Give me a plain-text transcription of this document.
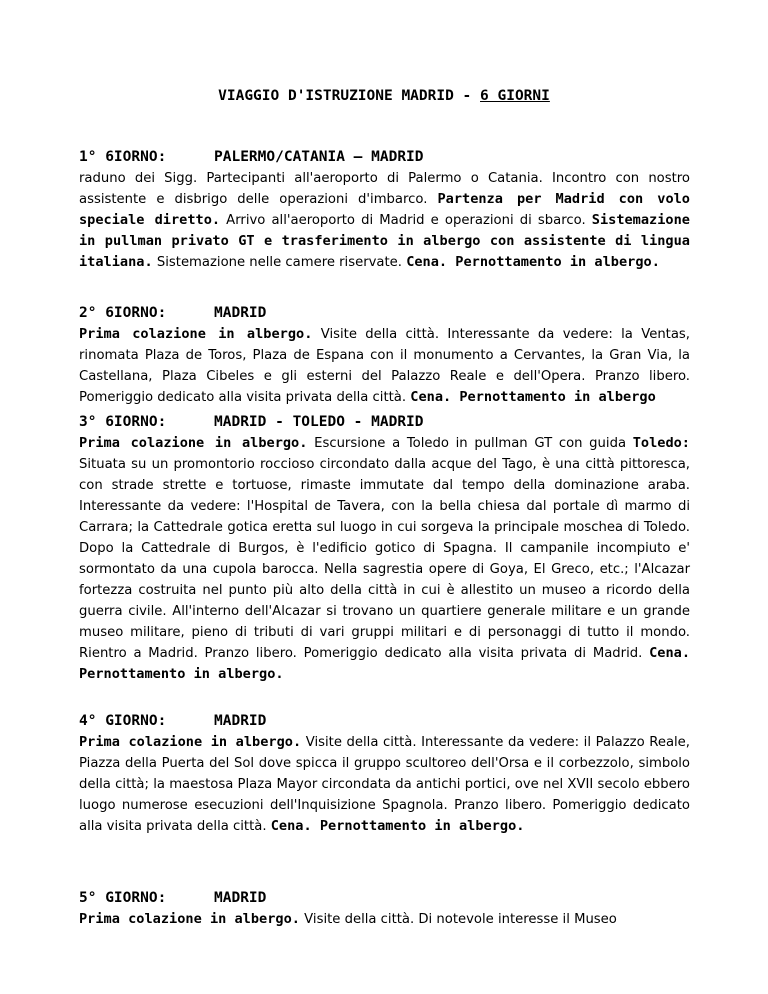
VIAGGIO D'ISTRUZIONE MADRID - 6 GIORNI
1° 6IORNO:	PALERMO/CATANIA – MADRID
raduno dei Sigg. Partecipanti all'aeroporto di Palermo o Catania. Incontro con nostro assistente e disbrigo delle operazioni d'imbarco. Partenza per Madrid con volo speciale diretto. Arrivo all'aeroporto di Madrid e operazioni di sbarco. Sistemazione in pullman privato GT e trasferimento in albergo con assistente di lingua italiana. Sistemazione nelle camere riservate. Cena. Pernottamento in albergo.
2° 6IORNO:	MADRID
Prima colazione in albergo. Visite della città. Interessante da vedere: la Ventas, rinomata Plaza de Toros, Plaza de Espana con il monumento a Cervantes, la Gran Via, la Castellana, Plaza Cibeles e gli esterni del Palazzo Reale e dell'Opera. Pranzo libero. Pomeriggio dedicato alla visita privata della città. Cena. Pernottamento in albergo
3° 6IORNO:	MADRID - TOLEDO - MADRID
Prima colazione in albergo. Escursione a Toledo in pullman GT con guida Toledo: Situata su un promontorio roccioso circondato dalla acque del Tago, è una città pittoresca, con strade strette e tortuose, rimaste immutate dal tempo della dominazione araba. Interessante da vedere: l'Hospital de Tavera, con la bella chiesa dal portale dì marmo di Carrara; la Cattedrale gotica eretta sul luogo in cui sorgeva la principale moschea di Toledo. Dopo la Cattedrale di Burgos, è l'edificio gotico di Spagna. Il campanile incompiuto e' sormontato da una cupola barocca. Nella sagrestia opere di Goya, El Greco, etc.; l'Alcazar fortezza costruita nel punto più alto della città in cui è allestito un museo a ricordo della guerra civile. All'interno dell'Alcazar si trovano un quartiere generale militare e un grande museo militare, pieno di tributi di vari gruppi militari e di personaggi di tutto il mondo. Rientro a Madrid. Pranzo libero. Pomeriggio dedicato alla visita privata di Madrid. Cena. Pernottamento in albergo.
4° GIORNO:	MADRID
Prima colazione in albergo. Visite della città. Interessante da vedere: il Palazzo Reale, Piazza della Puerta del Sol dove spicca il gruppo scultoreo dell'Orsa e il corbezzolo, simbolo della città; la maestosa Plaza Mayor circondata da antichi portici, ove nel XVII secolo ebbero luogo numerose esecuzioni dell'Inquisizione Spagnola. Pranzo libero. Pomeriggio dedicato alla visita privata della città. Cena. Pernottamento in albergo.
5° GIORNO:	MADRID
Prima colazione in albergo. Visite della città. Di notevole interesse il Museo
